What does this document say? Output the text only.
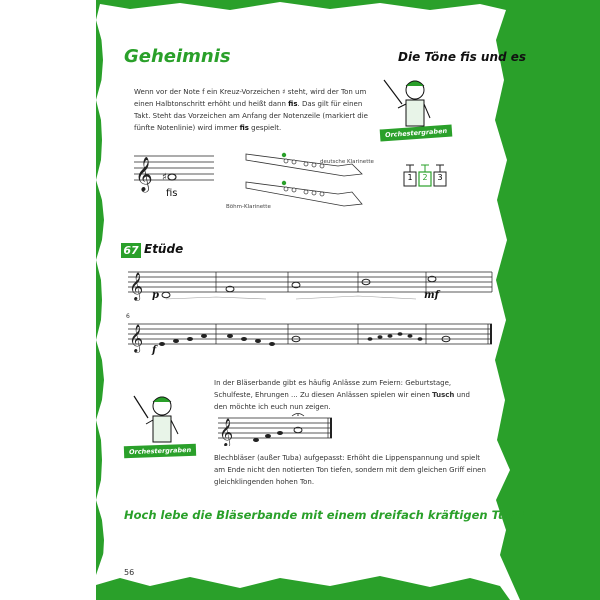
Geheimnis	Die Töne fis und es
Wenn vor der Note f ein Kreuz-Vorzeichen ♯ steht, wird der Ton um einen Halbtonschritt erhöht und heißt dann fis. Das gilt für einen Takt. Steht das Vorzeichen am Anfang der Notenzeile (markiert die fünfte Notenlinie) wird immer fis gespielt.	Orchestergraben
𝄞 ♯
fis
deutsche Klarinette
Böhm-Klarinette
1	2	3
67 Etüde
𝄞 p	mf
6
𝄞 f
Orchestergraben
In der Bläserbande gibt es häufig Anlässe zum Feiern: Geburtstage, Schulfeste, Ehrungen ... Zu diesen Anlässen spielen wir einen Tusch und den möchte ich euch nun zeigen.
𝄞
Blechbläser (außer Tuba) aufgepasst: Erhöht die Lippenspannung und spielt am Ende nicht den notierten Ton tiefen, sondern mit dem gleichen Griff einen gleichklingenden hohen Ton.
Hoch lebe die Bläserbande mit einem dreifach kräftigen Tusch!
56
